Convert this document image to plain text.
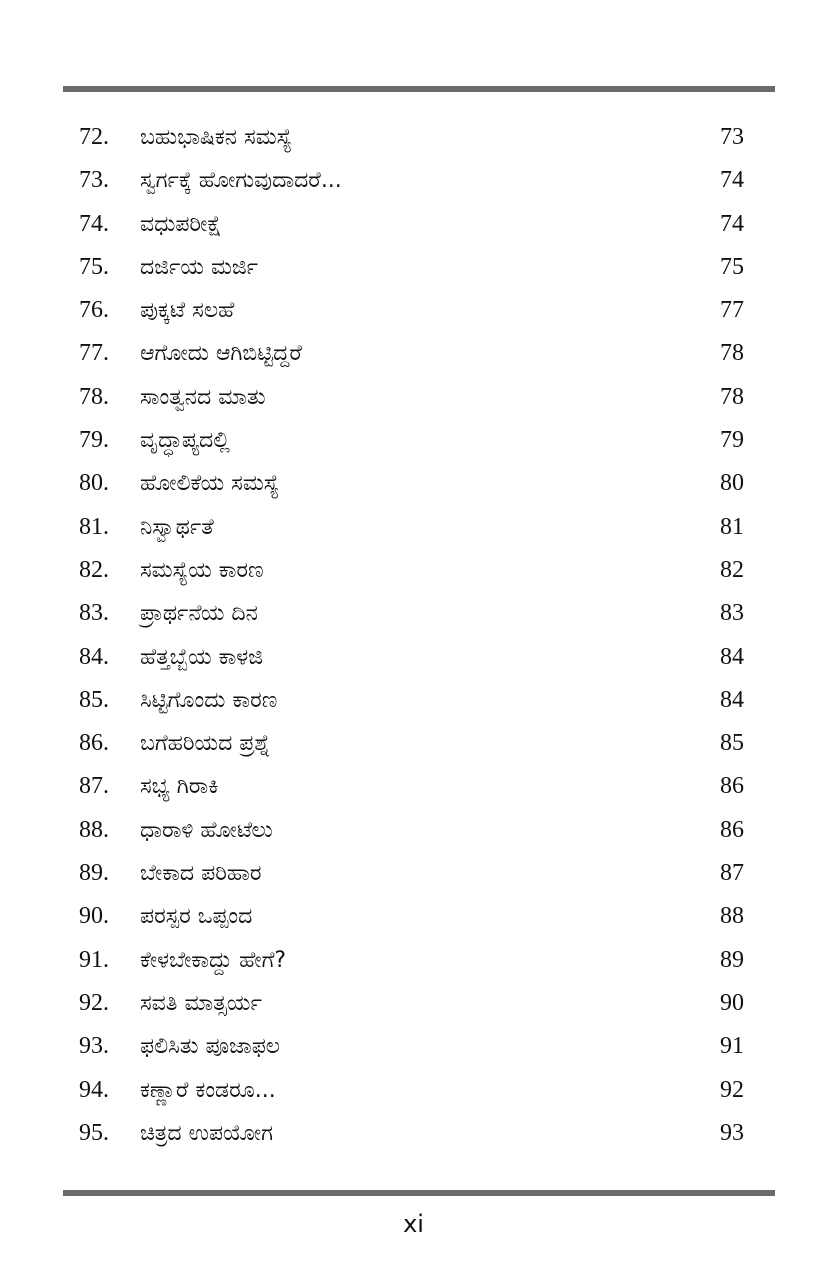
72. ಬಹುಭಾಷಿಕನ ಸಮಸ್ಯೆ	73
73. ಸ್ವರ್ಗಕ್ಕೆ ಹೋಗುವುದಾದರೆ...	74
74. ವಧುಪರೀಕ್ಷೆ	74
75. ದರ್ಜಿಯ ಮರ್ಜಿ	75
76. ಪುಕ್ಕಟೆ ಸಲಹೆ	77
77. ಆಗೋದು ಆಗಿಬಿಟ್ಟಿದ್ದರೆ	78
78. ಸಾಂತ್ವನದ ಮಾತು	78
79. ವೃದ್ಧಾಪ್ಯದಲ್ಲಿ	79
80. ಹೋಲಿಕೆಯ ಸಮಸ್ಯೆ	80
81. ನಿಸ್ವಾರ್ಥತೆ	81
82. ಸಮಸ್ಯೆಯ ಕಾರಣ	82
83. ಪ್ರಾರ್ಥನೆಯ ದಿನ	83
84. ಹೆತ್ತಬ್ಬೆಯ ಕಾಳಜಿ	84
85. ಸಿಟ್ಟಿಗೊಂದು ಕಾರಣ	84
86. ಬಗೆಹರಿಯದ ಪ್ರಶ್ನೆ	85
87. ಸಭ್ಯ ಗಿರಾಕಿ	86
88. ಧಾರಾಳಿ ಹೋಟೆಲು	86
89. ಬೇಕಾದ ಪರಿಹಾರ	87
90. ಪರಸ್ಪರ ಒಪ್ಪಂದ	88
91. ಕೇಳಬೇಕಾದ್ದು ಹೇಗೆ?	89
92. ಸವತಿ ಮಾತ್ಸರ್ಯ	90
93. ಫಲಿಸಿತು ಪೂಜಾಫಲ	91
94. ಕಣ್ಣಾರೆ ಕಂಡರೂ...	92
95. ಚಿತ್ರದ ಉಪಯೋಗ	93
xi
